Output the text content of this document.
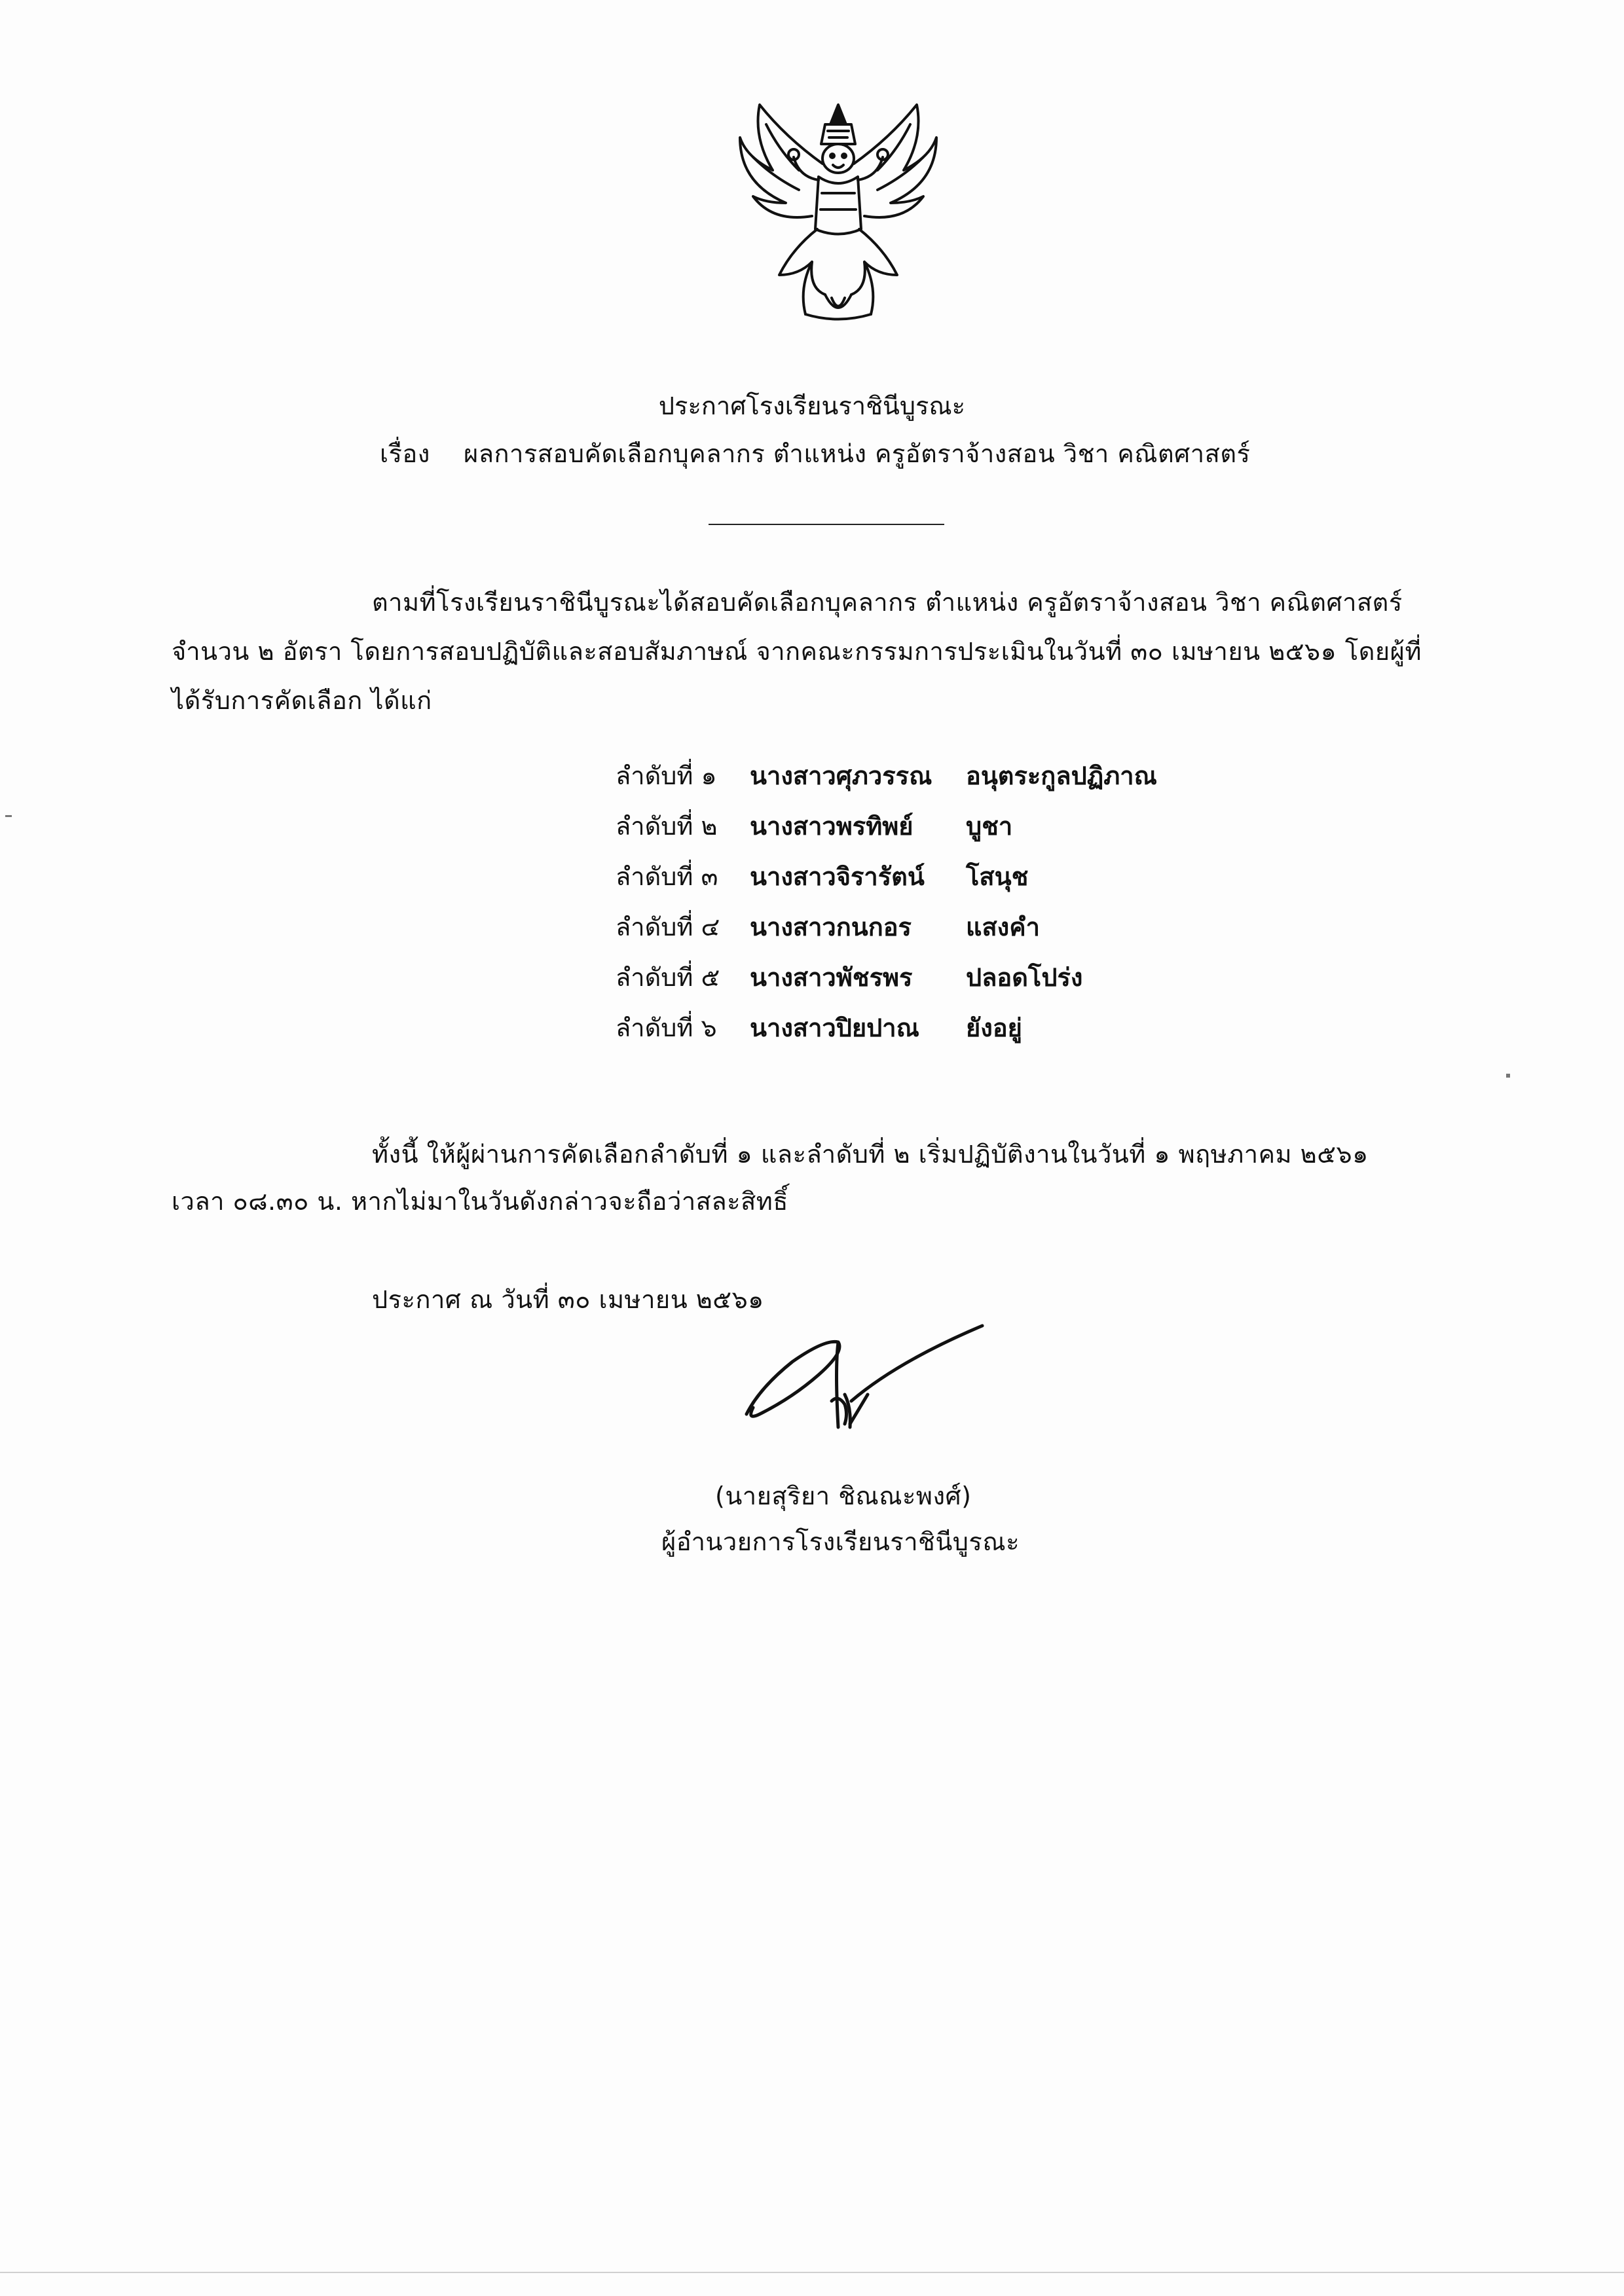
ประกาศโรงเรียนราชินีบูรณะ
เรื่อง ผลการสอบคัดเลือกบุคลากร ตำแหน่ง ครูอัตราจ้างสอน วิชา คณิตศาสตร์
ตามที่โรงเรียนราชินีบูรณะได้สอบคัดเลือกบุคลากร ตำแหน่ง ครูอัตราจ้างสอน วิชา คณิตศาสตร์
จำนวน ๒ อัตรา โดยการสอบปฏิบัติและสอบสัมภาษณ์ จากคณะกรรมการประเมินในวันที่ ๓๐ เมษายน ๒๕๖๑ โดยผู้ที่
ได้รับการคัดเลือก ได้แก่
ลำดับที่ ๑ นางสาวศุภวรรณ อนุตระกูลปฏิภาณ
ลำดับที่ ๒ นางสาวพรทิพย์ บูชา
ลำดับที่ ๓ นางสาวจิรารัตน์ โสนุช
ลำดับที่ ๔ นางสาวกนกอร แสงคำ
ลำดับที่ ๕ นางสาวพัชรพร ปลอดโปร่ง
ลำดับที่ ๖ นางสาวปิยปาณ ยังอยู่
ทั้งนี้ ให้ผู้ผ่านการคัดเลือกลำดับที่ ๑ และลำดับที่ ๒ เริ่มปฏิบัติงานในวันที่ ๑ พฤษภาคม ๒๕๖๑
เวลา ๐๘.๓๐ น. หากไม่มาในวันดังกล่าวจะถือว่าสละสิทธิ์
ประกาศ ณ วันที่ ๓๐ เมษายน ๒๕๖๑
(นายสุริยา ชิณณะพงศ์)
ผู้อำนวยการโรงเรียนราชินีบูรณะ
